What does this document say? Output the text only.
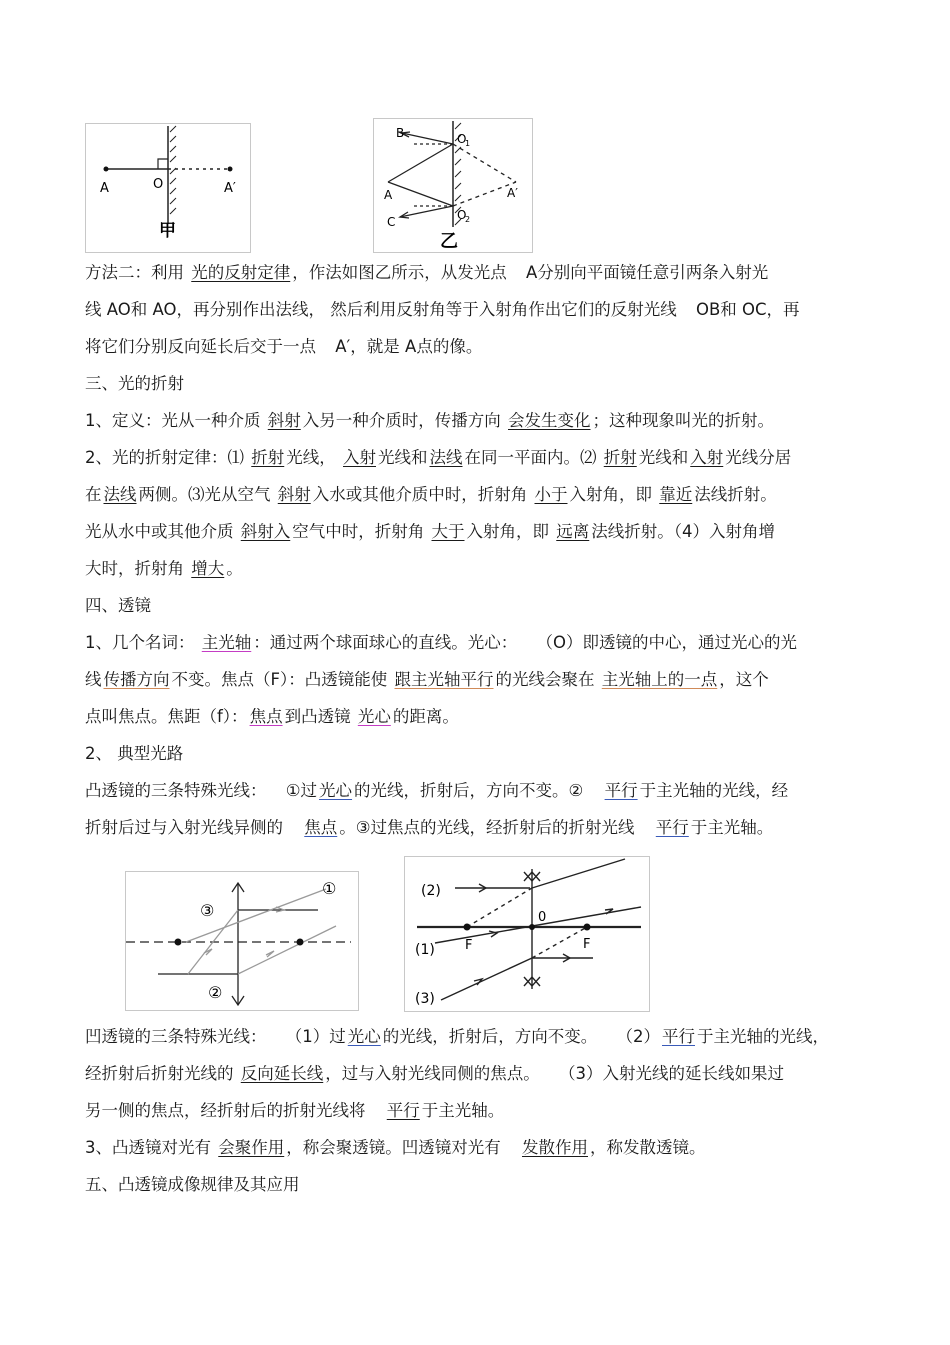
A	O	A′
甲
B	O
1
A	A′
C	O
2
乙
①
③
②
(2)
0
(1) F	F
(3)
方法二：利用 光的反射定律 ，作法如图乙所示，从发光点 A分别向平面镜任意引两条入射光
线 AO和 AO，再分别作出法线， 然后利用反射角等于入射角作出它们的反射光线 OB和 OC，再
将它们分别反向延长后交于一点 A′，就是 A点的像。
三、光的折射
1、定义：光从一种介质 斜射 入另一种介质时，传播方向 会发生变化 ；这种现象叫光的折射。
2、光的折射定律：⑴ 折射 光线， 入射 光线和 法线 在同一平面内。⑵ 折射 光线和 入射 光线分居
在 法线 两侧。⑶光从空气 斜射 入水或其他介质中时，折射角 小于 入射角，即 靠近 法线折射。
光从水中或其他介质 斜射入 空气中时，折射角 大于 入射角，即 远离 法线折射。（4）入射角增
大时，折射角 增大 。
四、透镜
1、几个名词： 主光轴 ：通过两个球面球心的直线。光心： （O）即透镜的中心，通过光心的光
线 传播方向 不变。焦点（F）：凸透镜能使 跟主光轴平行 的光线会聚在 主光轴上的一点 ，这个
点叫焦点。焦距（f）： 焦点 到凸透镜 光心 的距离。
2、 典型光路
凸透镜的三条特殊光线： ①过 光心 的光线，折射后，方向不变。② 平行 于主光轴的光线，经
折射后过与入射光线异侧的 焦点 。③过焦点的光线，经折射后的折射光线 平行 于主光轴。
凹透镜的三条特殊光线： （1）过 光心 的光线，折射后，方向不变。 （2） 平行 于主光轴的光线，
经折射后折射光线的 反向延长线 ，过与入射光线同侧的焦点。 （3）入射光线的延长线如果过
另一侧的焦点，经折射后的折射光线将 平行 于主光轴。
3、凸透镜对光有 会聚作用 ，称会聚透镜。凹透镜对光有 发散作用 ，称发散透镜。
五、凸透镜成像规律及其应用
